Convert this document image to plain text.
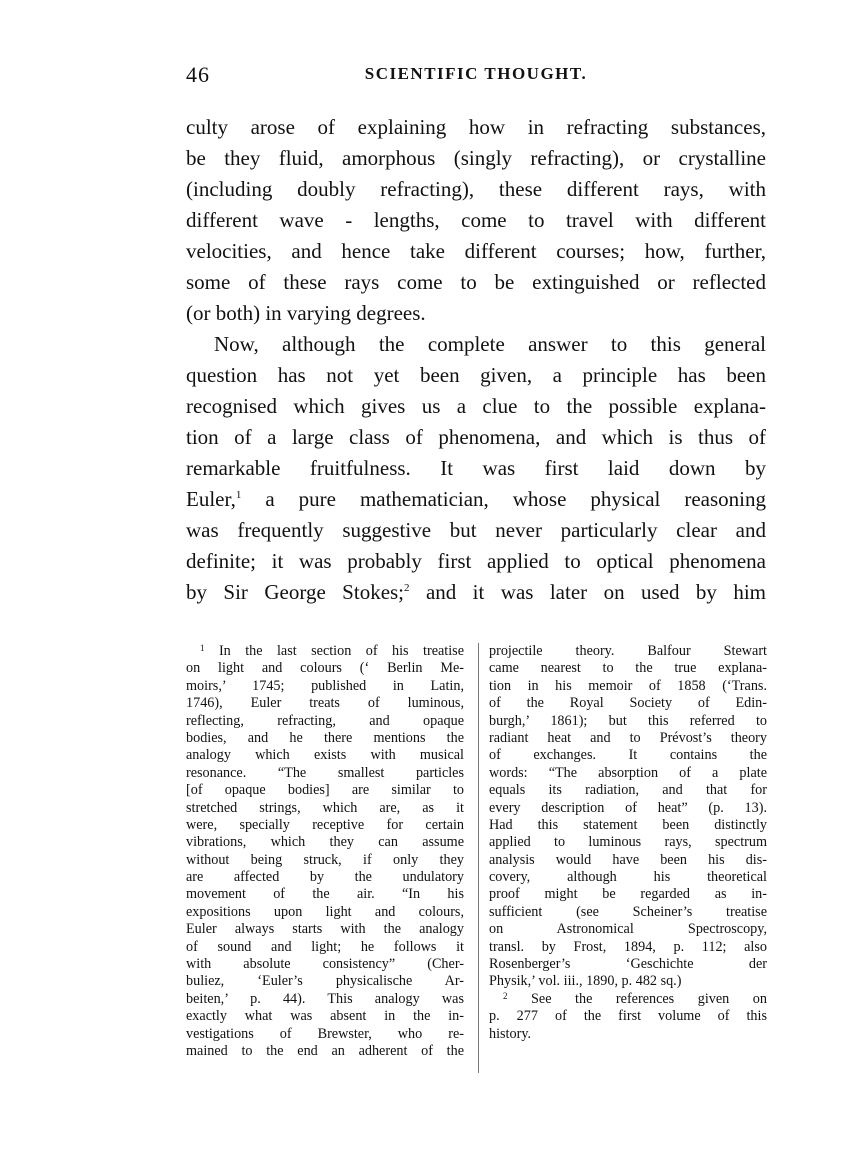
46	SCIENTIFIC THOUGHT.
culty arose of explaining how in refracting substances,
be they fluid, amorphous (singly refracting), or crystalline
(including doubly refracting), these different rays, with
different wave - lengths, come to travel with different
velocities, and hence take different courses; how, further,
some of these rays come to be extinguished or reflected
(or both) in varying degrees.
Now, although the complete answer to this general
question has not yet been given, a principle has been
recognised which gives us a clue to the possible explana-
tion of a large class of phenomena, and which is thus of
remarkable fruitfulness. It was first laid down by
Euler,$^1$ a pure mathematician, whose physical reasoning
was frequently suggestive but never particularly clear and
definite; it was probably first applied to optical phenomena
by Sir George Stokes;$^2$ and it was later on used by him
$^1$ In the last section of his treatise
on light and colours (‘ Berlin Me-
moirs,’ 1745; published in Latin,
1746), Euler treats of luminous,
reflecting, refracting, and opaque
bodies, and he there mentions the
analogy which exists with musical
resonance. “The smallest particles
[of opaque bodies] are similar to
stretched strings, which are, as it
were, specially receptive for certain
vibrations, which they can assume
without being struck, if only they
are affected by the undulatory
movement of the air. “In his
expositions upon light and colours,
Euler always starts with the analogy
of sound and light; he follows it
with absolute consistency” (Cher-
buliez, ‘Euler’s physicalische Ar-
beiten,’ p. 44). This analogy was
exactly what was absent in the in-
vestigations of Brewster, who re-
mained to the end an adherent of the
projectile theory. Balfour Stewart
came nearest to the true explana-
tion in his memoir of 1858 (‘Trans.
of the Royal Society of Edin-
burgh,’ 1861); but this referred to
radiant heat and to Prévost’s theory
of exchanges. It contains the
words: “The absorption of a plate
equals its radiation, and that for
every description of heat” (p. 13).
Had this statement been distinctly
applied to luminous rays, spectrum
analysis would have been his dis-
covery, although his theoretical
proof might be regarded as in-
sufficient (see Scheiner’s treatise
on Astronomical Spectroscopy,
transl. by Frost, 1894, p. 112; also
Rosenberger’s ‘Geschichte der
Physik,’ vol. iii., 1890, p. 482 sq.)
$^2$ See the references given on
p. 277 of the first volume of this
history.
